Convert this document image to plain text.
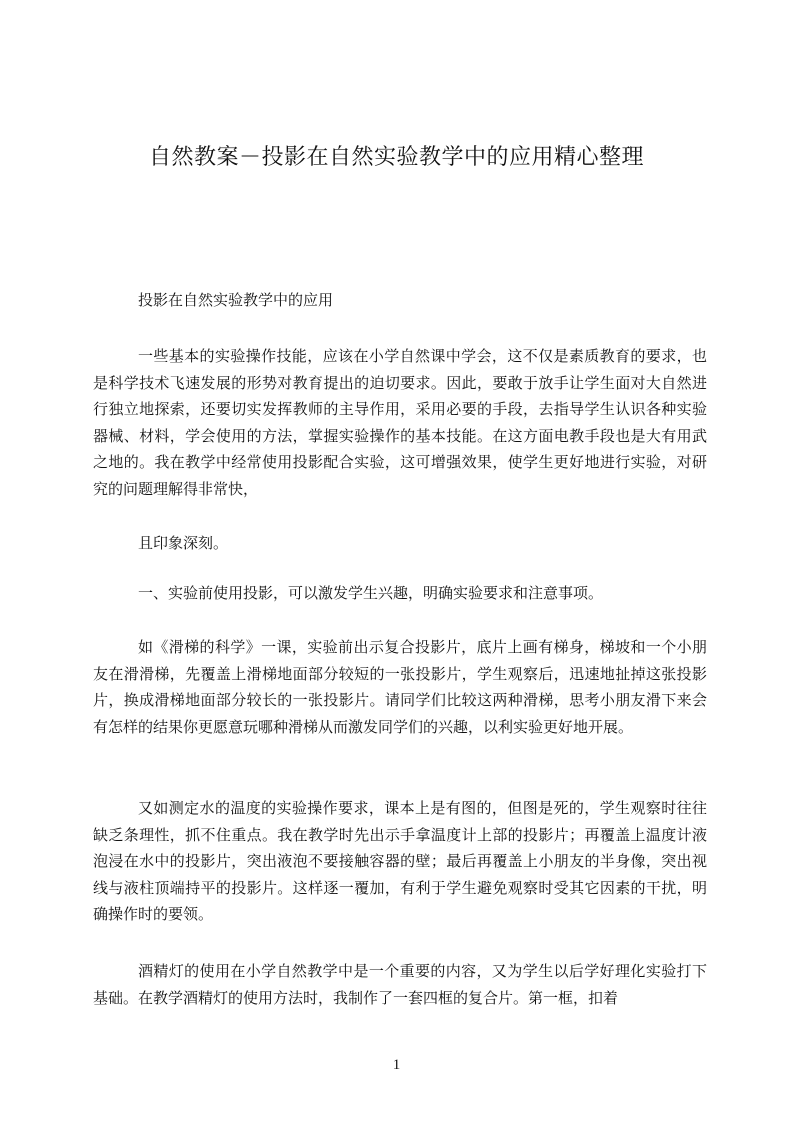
自然教案－投影在自然实验教学中的应用精心整理
投影在自然实验教学中的应用

一些基本的实验操作技能，应该在小学自然课中学会，这不仅是素质教育的要求，也是科学技术飞速发展的形势对教育提出的迫切要求。因此，要敢于放手让学生面对大自然进行独立地探索，还要切实发挥教师的主导作用，采用必要的手段，去指导学生认识各种实验器械、材料，学会使用的方法，掌握实验操作的基本技能。在这方面电教手段也是大有用武之地的。我在教学中经常使用投影配合实验，这可增强效果，使学生更好地进行实验，对研究的问题理解得非常快，

且印象深刻。

一、实验前使用投影，可以激发学生兴趣，明确实验要求和注意事项。

如《滑梯的科学》一课，实验前出示复合投影片，底片上画有梯身，梯坡和一个小朋友在滑滑梯，先覆盖上滑梯地面部分较短的一张投影片，学生观察后，迅速地扯掉这张投影片，换成滑梯地面部分较长的一张投影片。请同学们比较这两种滑梯，思考小朋友滑下来会有怎样的结果你更愿意玩哪种滑梯从而激发同学们的兴趣，以利实验更好地开展。

又如测定水的温度的实验操作要求，课本上是有图的，但图是死的，学生观察时往往缺乏条理性，抓不住重点。我在教学时先出示手拿温度计上部的投影片；再覆盖上温度计液泡浸在水中的投影片，突出液泡不要接触容器的壁；最后再覆盖上小朋友的半身像，突出视线与液柱顶端持平的投影片。这样逐一覆加，有利于学生避免观察时受其它因素的干扰，明确操作时的要领。

酒精灯的使用在小学自然教学中是一个重要的内容，又为学生以后学好理化实验打下基础。在教学酒精灯的使用方法时，我制作了一套四框的复合片。第一框，扣着

1
